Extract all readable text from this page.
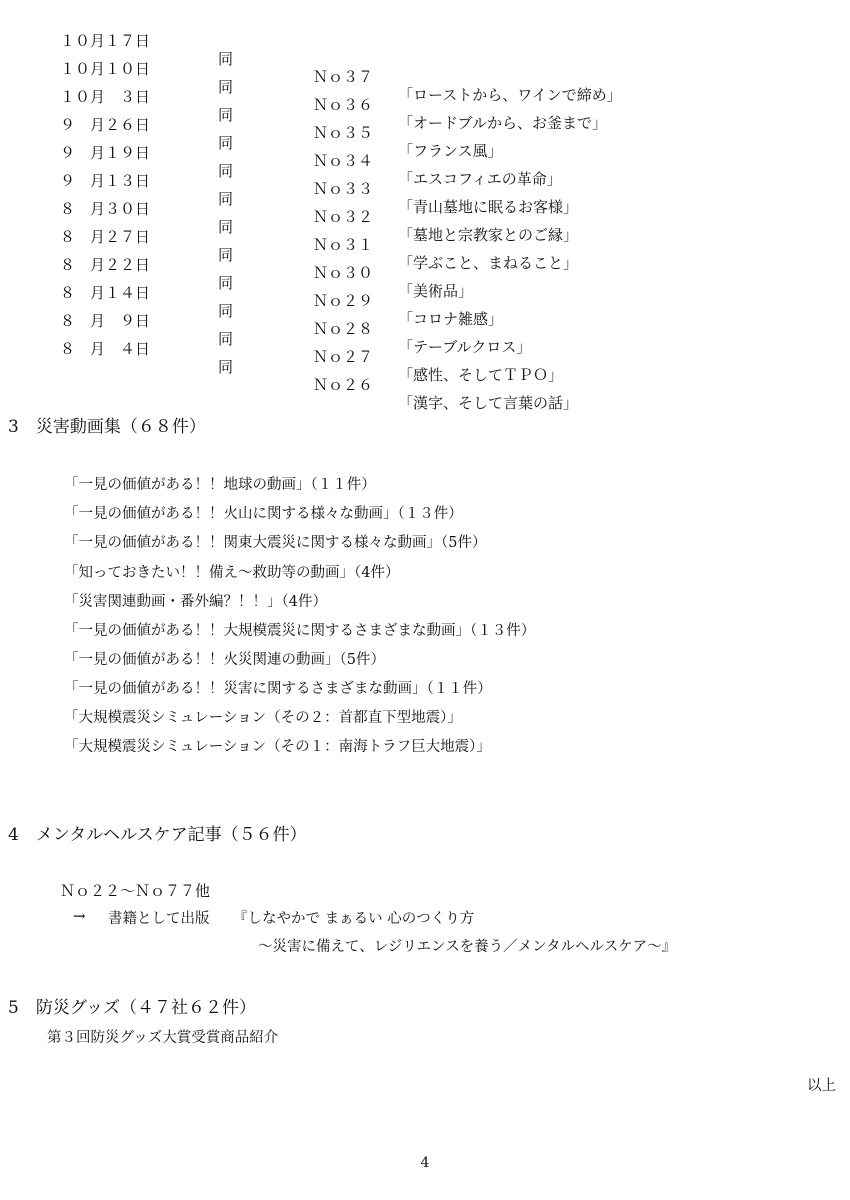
１０月１７日

同

Ｎｏ３７

「ローストから、ワインで締め」

１０月１０日

同

Ｎｏ３６

「オードブルから、お釜まで」

１０月　３日

同

Ｎｏ３５

「フランス風」

９　月２６日

同

Ｎｏ３４

「エスコフィエの革命」

９　月１９日

同

Ｎｏ３３

「青山墓地に眠るお客様」

９　月１３日

同

Ｎｏ３２

「墓地と宗教家とのご縁」

８　月３０日

同

Ｎｏ３１

「学ぶこと、まねること」

８　月２７日

同

Ｎｏ３０

「美術品」

８　月２２日

同

Ｎｏ２９

「コロナ雑感」

８　月１４日

同

Ｎｏ２８

「テーブルクロス」

８　月　９日

同

Ｎｏ２７

「感性、そしてＴＰＯ」

８　月　４日

同

Ｎｏ２６

「漢字、そして言葉の話」

3　災害動画集（６８件）
「一見の価値がある！！地球の動画」（１１件）
「一見の価値がある！！火山に関する様々な動画」（１３件）
「一見の価値がある！！関東大震災に関する様々な動画」（5件）
「知っておきたい！！備え～救助等の動画」（4件）
「災害関連動画・番外編？！！」（4件）
「一見の価値がある！！大規模震災に関するさまざまな動画」（１３件）
「一見の価値がある！！火災関連の動画」（5件）
「一見の価値がある！！災害に関するさまざまな動画」（１１件）
「大規模震災シミュレーション（その２：首都直下型地震）」
「大規模震災シミュレーション（その１：南海トラフ巨大地震）」
4　メンタルヘルスケア記事（５６件）
Ｎｏ２２～Ｎｏ７７他
→ 書籍として出版 『しなやかで まぁるい 心のつくり方
～災害に備えて、レジリエンスを養う／メンタルヘルスケア～』
5　防災グッズ（４７社６２件）
第３回防災グッズ大賞受賞商品紹介
以上
4
